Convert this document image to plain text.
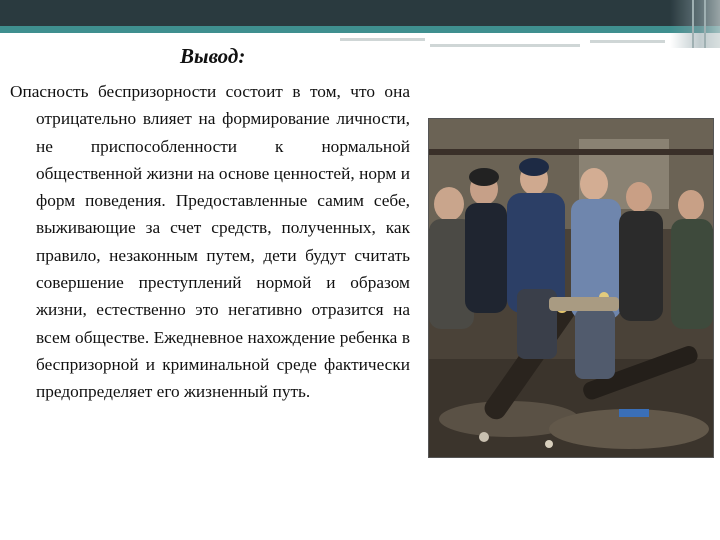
Вывод:

Опасность беспризорности состоит в том, что она отрицательно влияет на формирование личности, не приспособленности к нормальной общественной жизни на основе ценностей, норм и форм поведения. Предоставленные самим себе, выживающие за счет средств, полученных, как правило, незаконным путем, дети будут считать совершение преступлений нормой и образом жизни, естественно это негативно отразится на всем обществе. Ежедневное нахождение ребенка в беспризорной и криминальной среде фактически предопределяет его жизненный путь.
